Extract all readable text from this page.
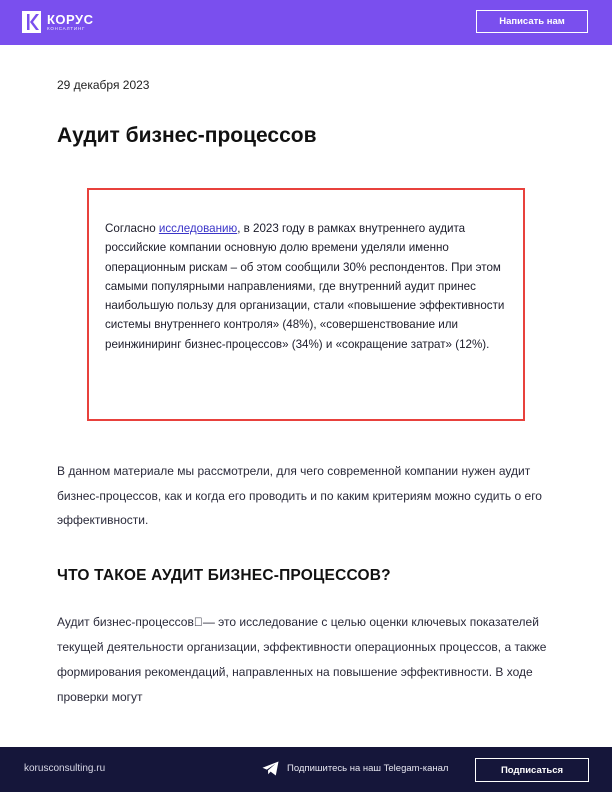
КОРУС
КОНСАЛТИНГ
Написать нам
29 декабря 2023
Аудит бизнес-процессов

Согласно исследованию, в 2023 году в рамках внутреннего аудита российские компании основную долю времени уделяли именно операционным рискам – об этом сообщили 30% респондентов. При этом самыми популярными направлениями, где внутренний аудит принес наибольшую пользу для организации, стали «повышение эффективности системы внутреннего контроля» (48%), «совершенствование или реинжиниринг бизнес-процессов» (34%) и «сокращение затрат» (12%).

В данном материале мы рассмотрели, для чего современной компании нужен аудит бизнес-процессов, как и когда его проводить и по каким критериям можно судить о его эффективности.

ЧТО ТАКОЕ АУДИТ БИЗНЕС-ПРОЦЕССОВ?

Аудит бизнес-процессов⃞— это исследование с целью оценки ключевых показателей текущей деятельности организации, эффективности операционных процессов, а также формирования рекомендаций, направленных на повышение эффективности. В ходе проверки могут

korusconsulting.ru	Подпишитесь на наш Telegam-канал	Подписаться
